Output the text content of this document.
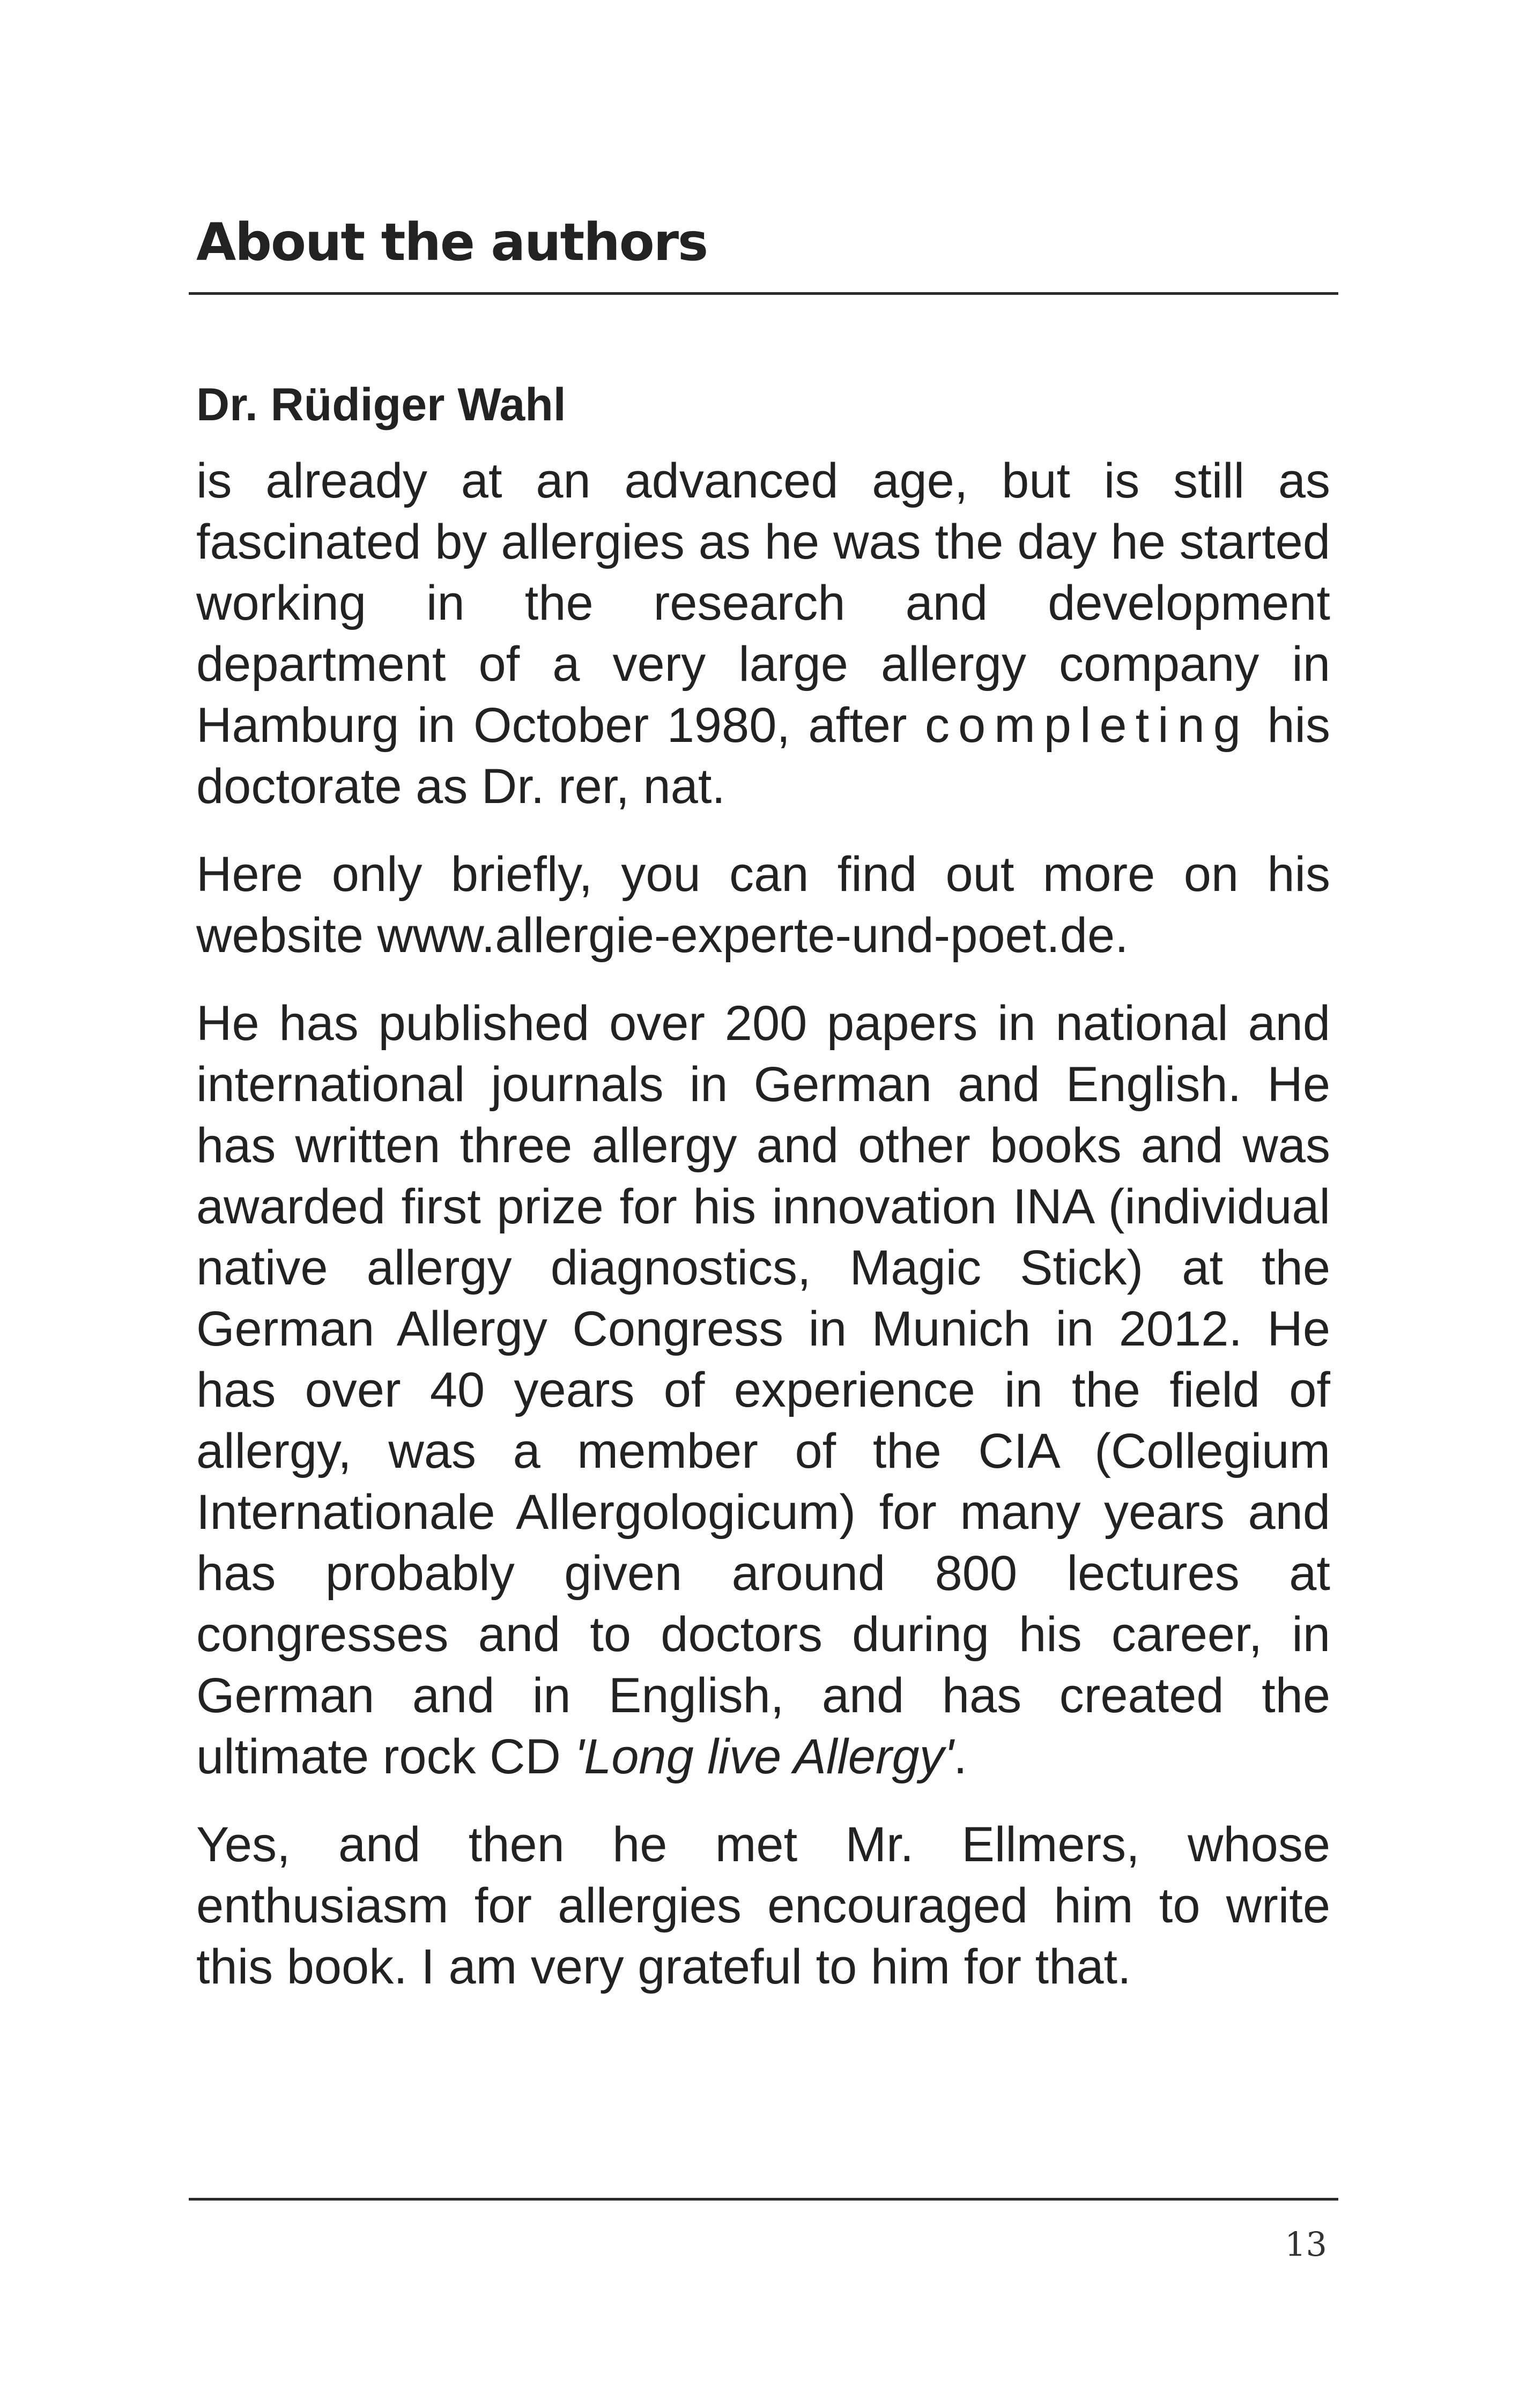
About the authors

Dr. Rüdiger Wahl

is already at an advanced age, but is still as fascinated by allergies as he was the day he started working in the research and development department of a very large allergy company in Hamburg in October 1980, after completing his doctorate as Dr. rer, nat.

Here only briefly, you can find out more on his website www.allergie-experte-und-poet.de.

He has published over 200 papers in national and international journals in German and English. He has written three allergy and other books and was awarded first prize for his innovation INA (individual native allergy diagnostics, Magic Stick) at the German Allergy Congress in Munich in 2012. He has over 40 years of experience in the field of allergy, was a member of the CIA (Collegium Internationale Allergologicum) for many years and has probably given around 800 lectures at congresses and to doctors during his career, in German and in English, and has created the ultimate rock CD 'Long live Allergy'.

Yes, and then he met Mr. Ellmers, whose enthusiasm for allergies encouraged him to write this book. I am very grateful to him for that.

13
